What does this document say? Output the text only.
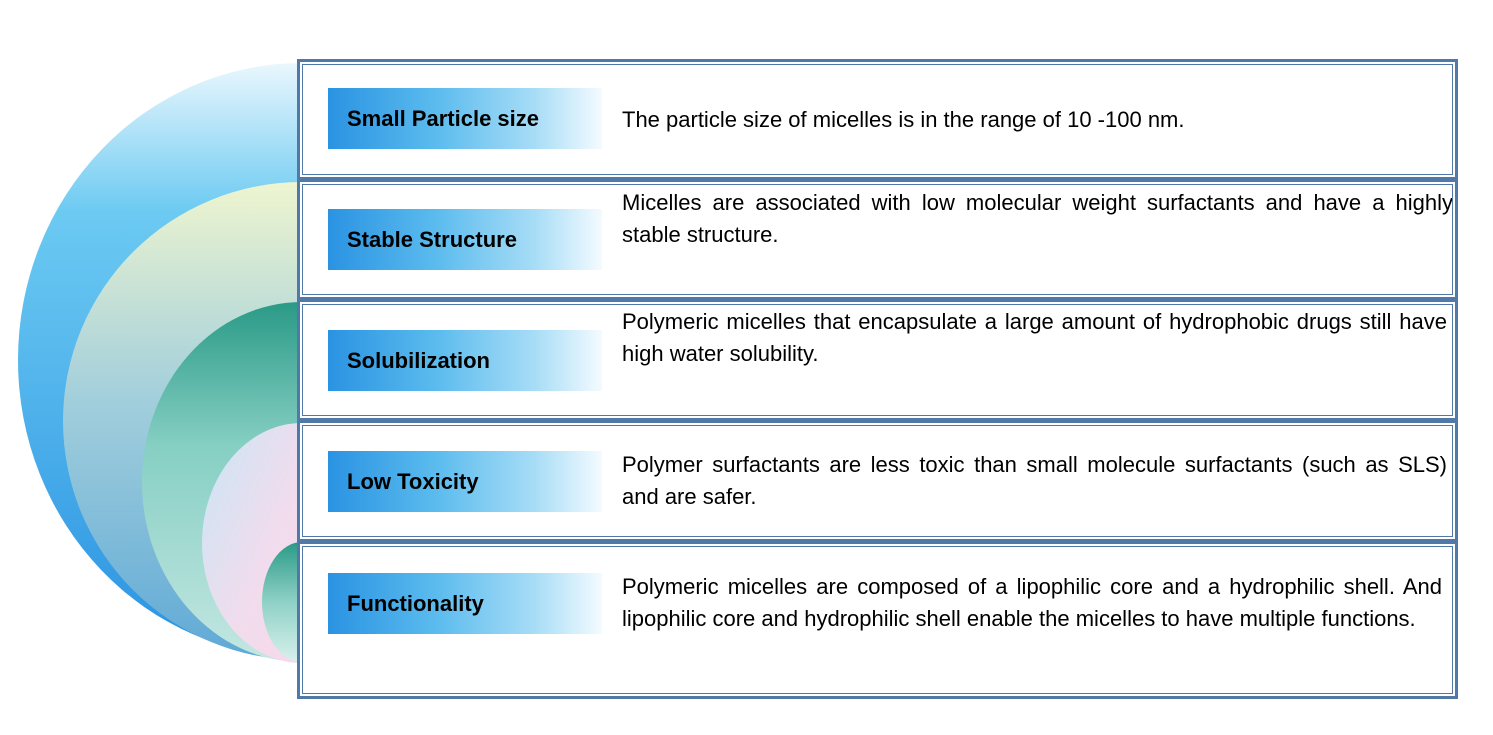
Small Particle size	The particle size of micelles is in the range of 10 -100 nm.
Stable Structure
Micelles are associated with low molecular weight surfactants and have a highly stable structure.
Solubilization
Polymeric micelles that encapsulate a large amount of hydrophobic drugs still have high water solubility.
Low Toxicity
Polymer surfactants are less toxic than small molecule surfactants (such as SLS) and are safer.
Functionality
Polymeric micelles are composed of a lipophilic core and a hydrophilic shell. And lipophilic core and hydrophilic shell enable the micelles to have multiple functions.
